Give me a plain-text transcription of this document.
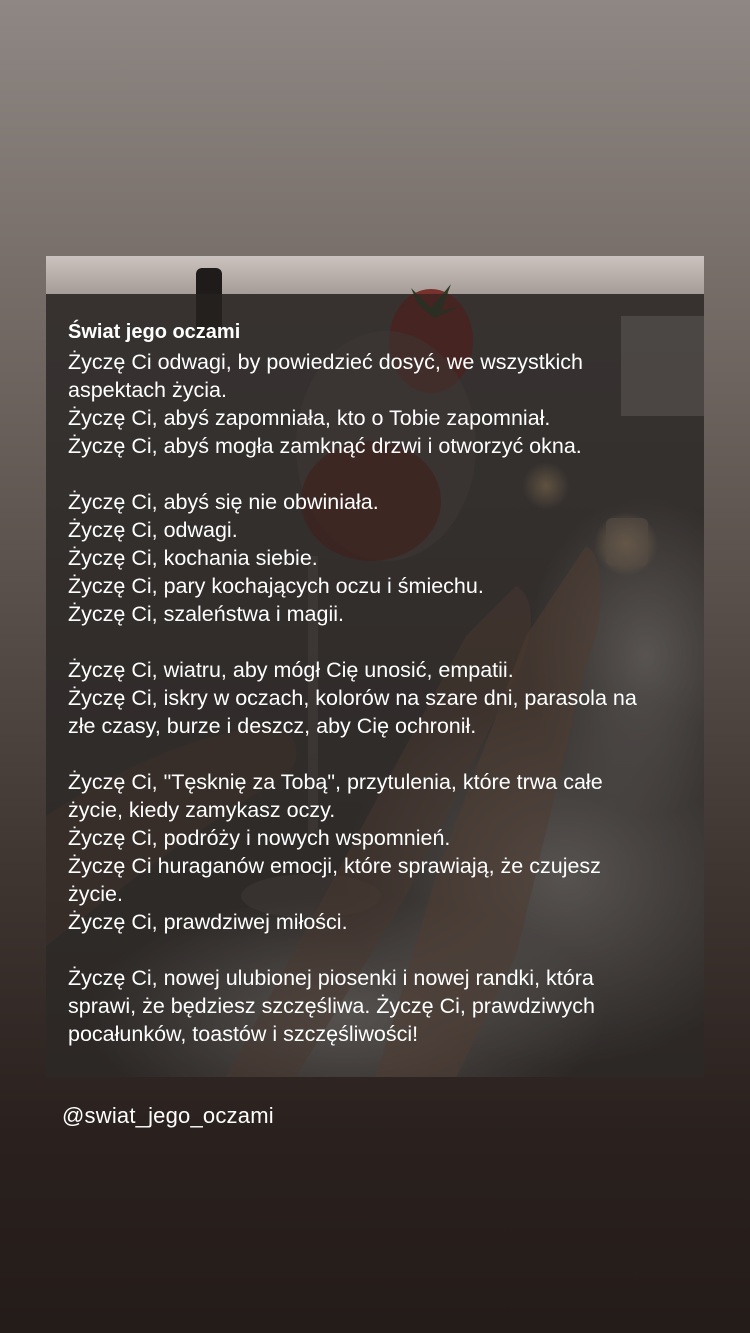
Świat jego oczami
Życzę Ci odwagi, by powiedzieć dosyć, we wszystkich
aspektach życia.
Życzę Ci, abyś zapomniała, kto o Tobie zapomniał.
Życzę Ci, abyś mogła zamknąć drzwi i otworzyć okna.
Życzę Ci, abyś się nie obwiniała.
Życzę Ci, odwagi.
Życzę Ci, kochania siebie.
Życzę Ci, pary kochających oczu i śmiechu.
Życzę Ci, szaleństwa i magii.
Życzę Ci, wiatru, aby mógł Cię unosić, empatii.
Życzę Ci, iskry w oczach, kolorów na szare dni, parasola na
złe czasy, burze i deszcz, aby Cię ochronił.
Życzę Ci, "Tęsknię za Tobą", przytulenia, które trwa całe
życie, kiedy zamykasz oczy.
Życzę Ci, podróży i nowych wspomnień.
Życzę Ci huraganów emocji, które sprawiają, że czujesz
życie.
Życzę Ci, prawdziwej miłości.
Życzę Ci, nowej ulubionej piosenki i nowej randki, która
sprawi, że będziesz szczęśliwa. Życzę Ci, prawdziwych
pocałunków, toastów i szczęśliwości!
@swiat_jego_oczami
